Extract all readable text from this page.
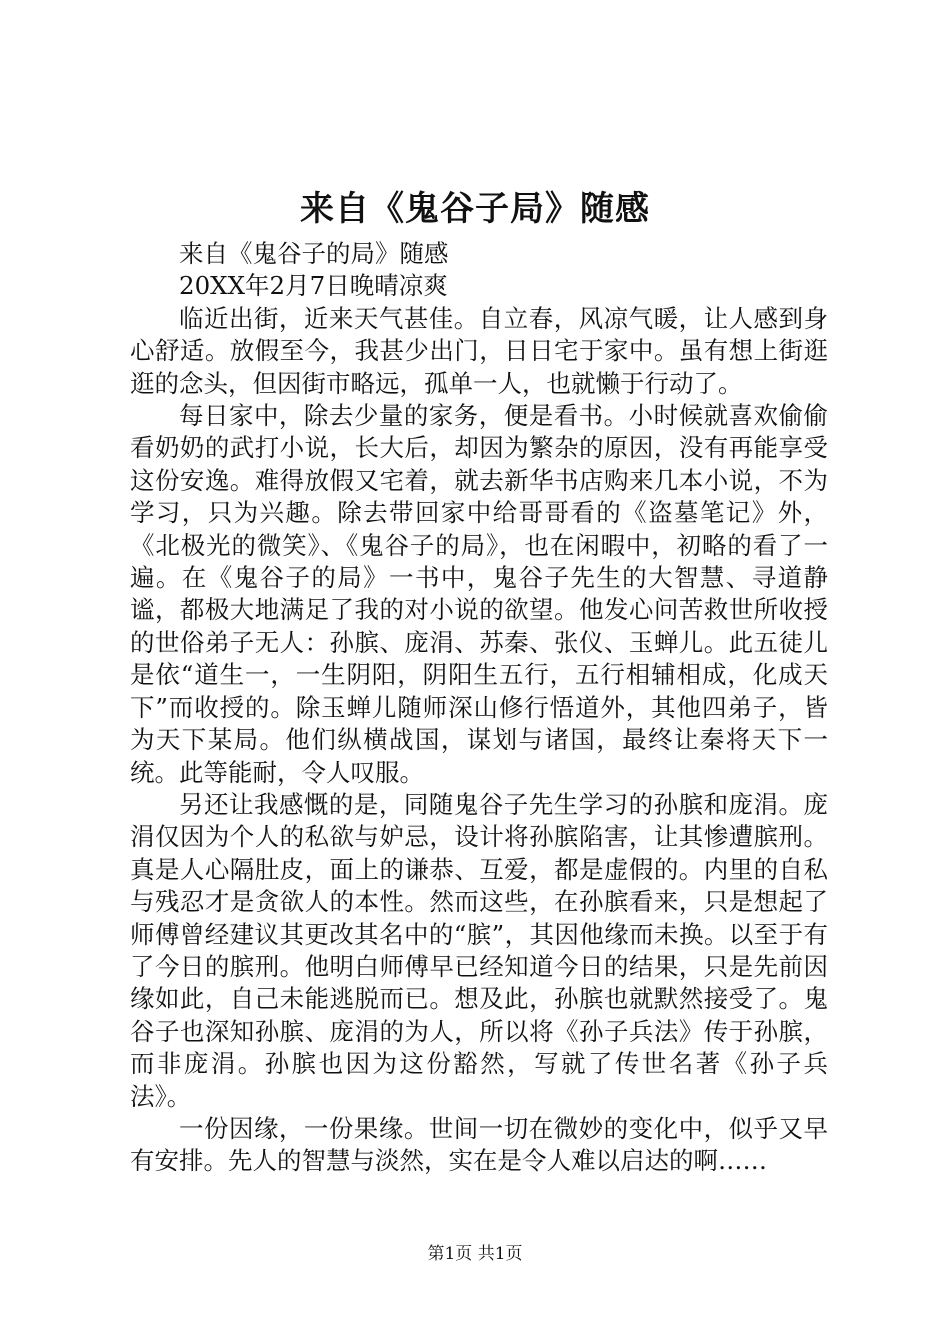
来自《鬼谷子局》随感

来自《鬼谷子的局》随感

20XX年2月7日晚晴凉爽

临近出街，近来天气甚佳。自立春，风凉气暖，让人感到身心舒适。放假至今，我甚少出门，日日宅于家中。虽有想上街逛逛的念头，但因街市略远，孤单一人，也就懒于行动了。

每日家中，除去少量的家务，便是看书。小时候就喜欢偷偷看奶奶的武打小说，长大后，却因为繁杂的原因，没有再能享受这份安逸。难得放假又宅着，就去新华书店购来几本小说，不为学习，只为兴趣。除去带回家中给哥哥看的《盗墓笔记》外，《北极光的微笑》、《鬼谷子的局》，也在闲暇中，初略的看了一遍。在《鬼谷子的局》一书中，鬼谷子先生的大智慧、寻道静谧，都极大地满足了我的对小说的欲望。他发心问苦救世所收授的世俗弟子无人：孙膑、庞涓、苏秦、张仪、玉蝉儿。此五徒儿是依“道生一，一生阴阳，阴阳生五行，五行相辅相成，化成天下”而收授的。除玉蝉儿随师深山修行悟道外，其他四弟子，皆为天下某局。他们纵横战国，谋划与诸国，最终让秦将天下一统。此等能耐，令人叹服。

另还让我感慨的是，同随鬼谷子先生学习的孙膑和庞涓。庞涓仅因为个人的私欲与妒忌，设计将孙膑陷害，让其惨遭膑刑。真是人心隔肚皮，面上的谦恭、互爱，都是虚假的。内里的自私与残忍才是贪欲人的本性。然而这些，在孙膑看来，只是想起了师傅曾经建议其更改其名中的“膑”，其因他缘而未换。以至于有了今日的膑刑。他明白师傅早已经知道今日的结果，只是先前因缘如此，自己未能逃脱而已。想及此，孙膑也就默然接受了。鬼谷子也深知孙膑、庞涓的为人，所以将《孙子兵法》传于孙膑，而非庞涓。孙膑也因为这份豁然，写就了传世名著《孙子兵法》。

一份因缘，一份果缘。世间一切在微妙的变化中，似乎又早有安排。先人的智慧与淡然，实在是令人难以启达的啊……

第1页 共1页
